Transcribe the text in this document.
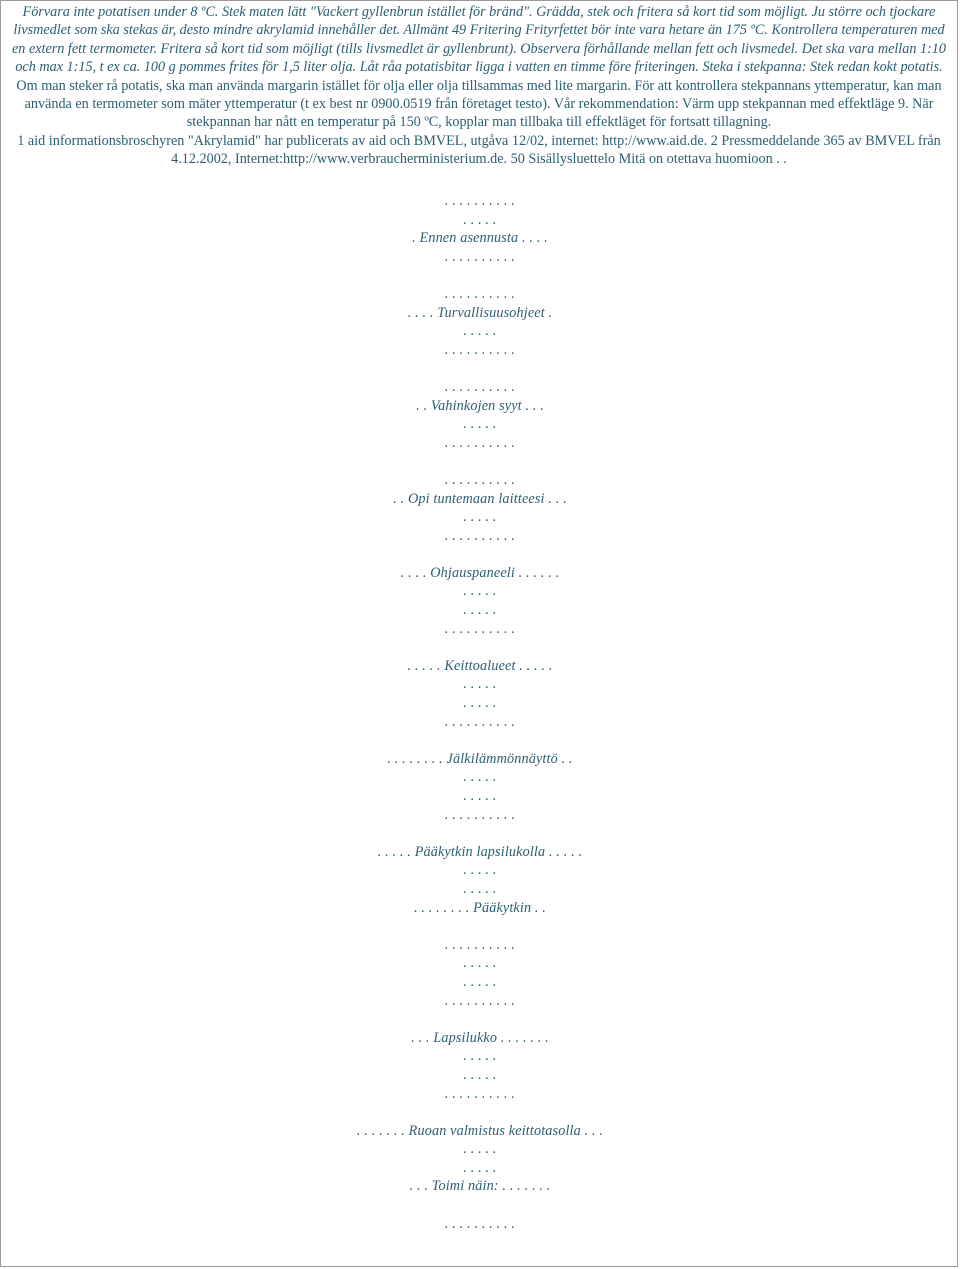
Förvara inte potatisen under 8 ºC. Stek maten lätt "Vackert gyllenbrun istället för bränd". Grädda, stek och fritera så kort tid som möjligt. Ju större och tjockare livsmedlet som ska stekas är, desto mindre akrylamid innehåller det. Allmänt 49 Fritering Frityrfettet bör inte vara hetare än 175 ºC. Kontrollera temperaturen med en extern fett termometer. Fritera så kort tid som möjligt (tills livsmedlet är gyllenbrunt). Observera förhållande mellan fett och livsmedel. Det ska vara mellan 1:10 och max 1:15, t ex ca. 100 g pommes frites för 1,5 liter olja. Låt råa potatisbitar ligga i vatten en timme före friteringen. Steka i stekpanna: Stek redan kokt potatis.

Om man steker rå potatis, ska man använda margarin istället för olja eller olja tillsammas med lite margarin. För att kontrollera stekpannans yttemperatur, kan man använda en termometer som mäter yttemperatur (t ex best nr 0900.0519 från företaget testo). Vår rekommendation: Värm upp stekpannan med effektläge 9. När stekpannan har nått en temperatur på 150 ºC, kopplar man tillbaka till effektläget för fortsatt tillagning.

1 aid informationsbroschyren "Akrylamid" har publicerats av aid och BMVEL, utgåva 12/02, internet: http://www.aid.de. 2 Pressmeddelande 365 av BMVEL från 4.12.2002, Internet:http://www.verbraucherministerium.de. 50 Sisällysluettelo Mitä on otettava huomioon . .

. . . . . . . . . .
. . . . .
. Ennen asennusta . . . .
. . . . . . . . . .
. . . . . . . . . .
. . . . Turvallisuusohjeet .
. . . . .
. . . . . . . . . .
. . . . . . . . . .
. . Vahinkojen syyt . . .
. . . . .
. . . . . . . . . .
. . . . . . . . . .
. . Opi tuntemaan laitteesi . . .
. . . . .
. . . . . . . . . .
. . . . Ohjauspaneeli . . . . . .
. . . . .
. . . . .
. . . . . . . . . .
. . . . . Keittoalueet . . . . .
. . . . .
. . . . .
. . . . . . . . . .
. . . . . . . . Jälkilämmönnäyttö . .
. . . . .
. . . . .
. . . . . . . . . .
. . . . . Pääkytkin lapsilukolla . . . . .
. . . . .
. . . . .
. . . . . . . . Pääkytkin . .
. . . . . . . . . .
. . . . .
. . . . .
. . . . . . . . . .
. . . Lapsilukko . . . . . . .
. . . . .
. . . . .
. . . . . . . . . .
. . . . . . . Ruoan valmistus keittotasolla . . .
. . . . .
. . . . .
. . . Toimi näin: . . . . . . .
. . . . . . . . . .
